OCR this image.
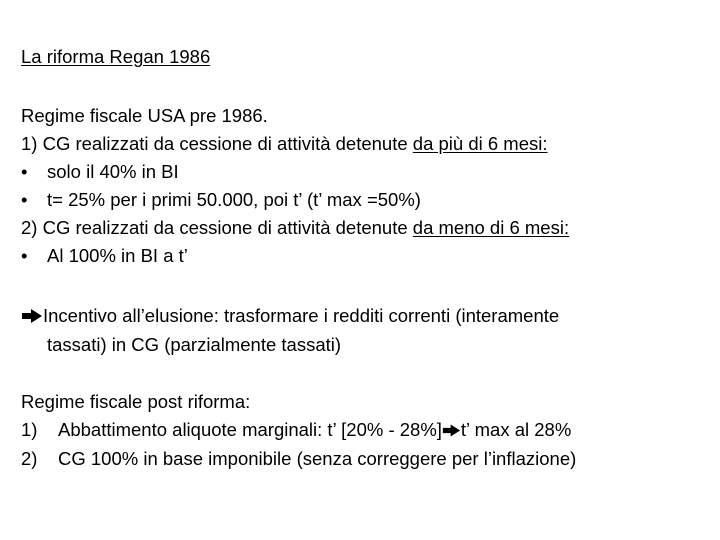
La riforma Regan 1986
Regime fiscale USA pre 1986.
1) CG realizzati da cessione di attività detenute da più di 6 mesi:
• solo il 40% in BI
• t= 25% per i primi 50.000, poi t’ (t’ max =50%)
2) CG realizzati da cessione di attività detenute da meno di 6 mesi:
• Al 100% in BI a t’
Incentivo all’elusione: trasformare i redditi correnti (interamente
tassati) in CG (parzialmente tassati)
Regime fiscale post riforma:
1) Abbattimento aliquote marginali: t’ [20% - 28%] t’ max al 28%
2) CG 100% in base imponibile (senza correggere per l’inflazione)
